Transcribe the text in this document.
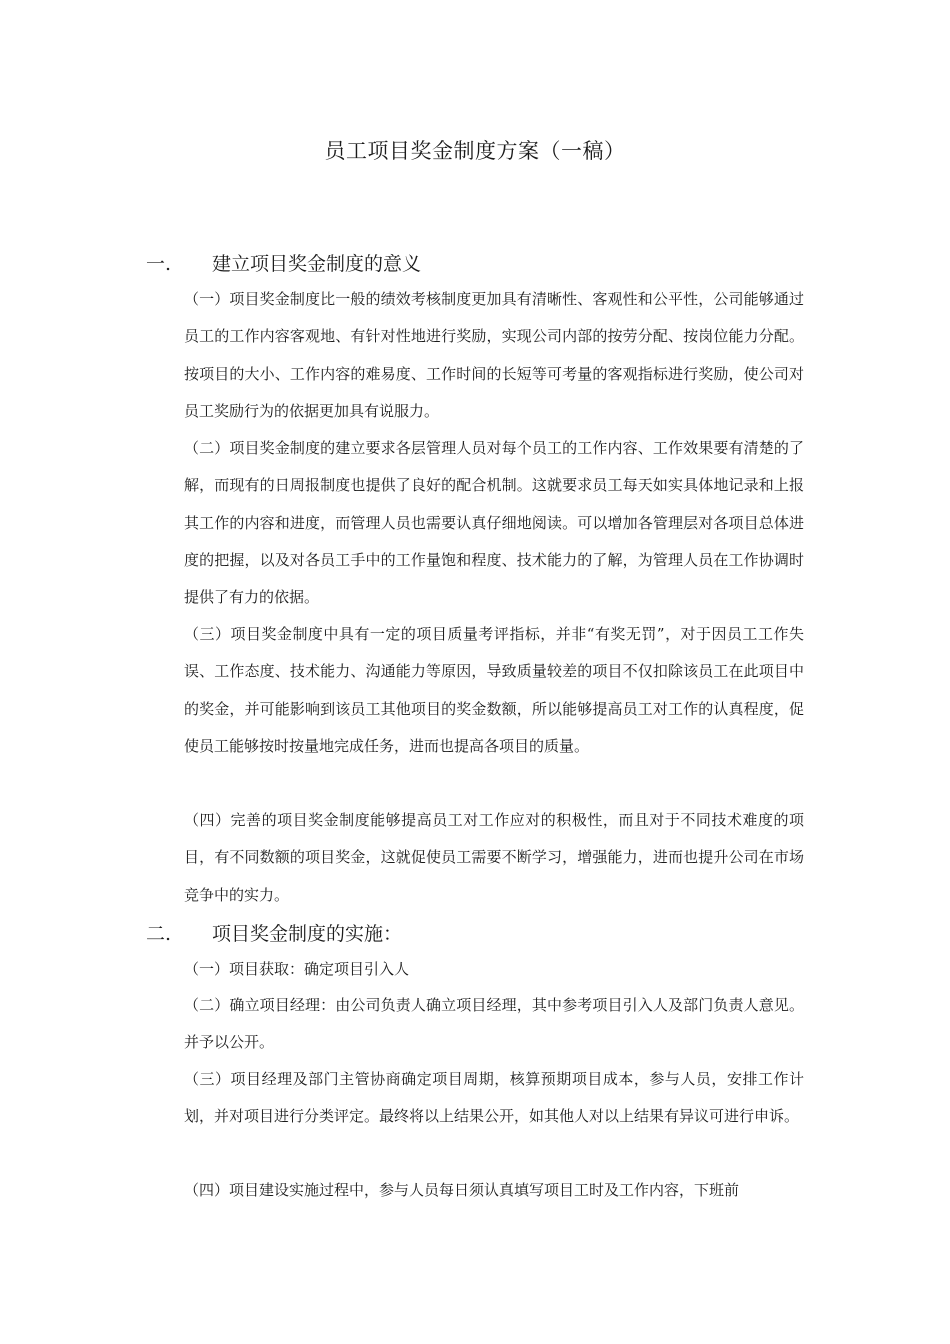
员工项目奖金制度方案（一稿）
一.	建立项目奖金制度的意义
（一）项目奖金制度比一般的绩效考核制度更加具有清晰性、客观性和公平性，公司能够通过员工的工作内容客观地、有针对性地进行奖励，实现公司内部的按劳分配、按岗位能力分配。按项目的大小、工作内容的难易度、工作时间的长短等可考量的客观指标进行奖励，使公司对员工奖励行为的依据更加具有说服力。
（二）项目奖金制度的建立要求各层管理人员对每个员工的工作内容、工作效果要有清楚的了解，而现有的日周报制度也提供了良好的配合机制。这就要求员工每天如实具体地记录和上报其工作的内容和进度，而管理人员也需要认真仔细地阅读。可以增加各管理层对各项目总体进度的把握，以及对各员工手中的工作量饱和程度、技术能力的了解，为管理人员在工作协调时提供了有力的依据。
（三）项目奖金制度中具有一定的项目质量考评指标，并非“有奖无罚”，对于因员工工作失误、工作态度、技术能力、沟通能力等原因，导致质量较差的项目不仅扣除该员工在此项目中的奖金，并可能影响到该员工其他项目的奖金数额，所以能够提高员工对工作的认真程度，促使员工能够按时按量地完成任务，进而也提高各项目的质量。
（四）完善的项目奖金制度能够提高员工对工作应对的积极性，而且对于不同技术难度的项目，有不同数额的项目奖金，这就促使员工需要不断学习，增强能力，进而也提升公司在市场竞争中的实力。
二.	项目奖金制度的实施：
（一）项目获取：确定项目引入人
（二）确立项目经理：由公司负责人确立项目经理，其中参考项目引入人及部门负责人意见。并予以公开。
（三）项目经理及部门主管协商确定项目周期，核算预期项目成本，参与人员，安排工作计划，并对项目进行分类评定。最终将以上结果公开，如其他人对以上结果有异议可进行申诉。
（四）项目建设实施过程中，参与人员每日须认真填写项目工时及工作内容，下班前
